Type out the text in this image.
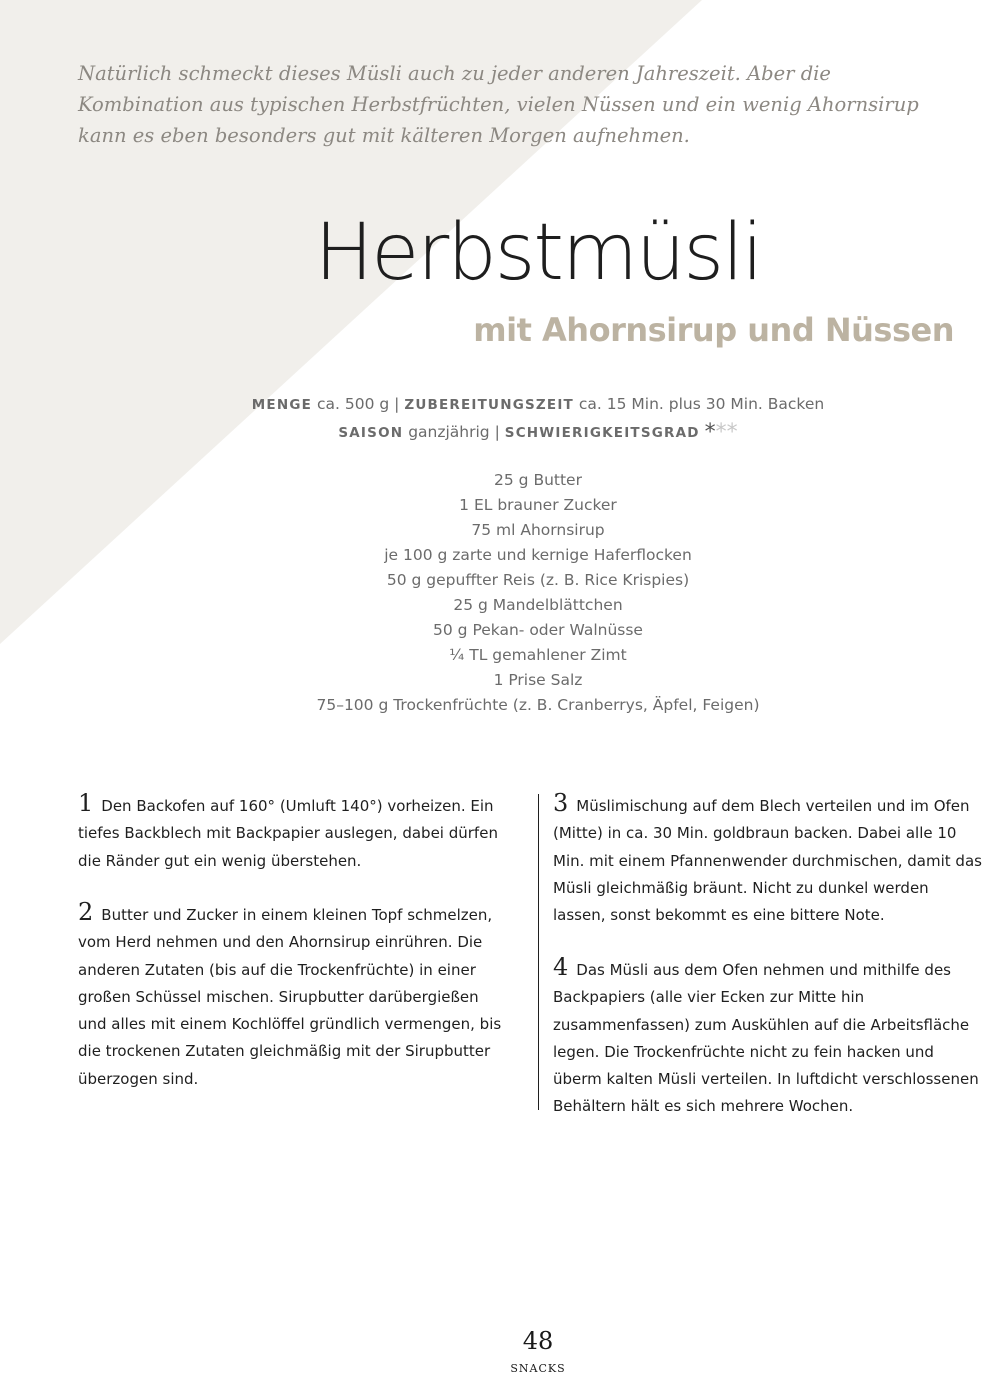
Natürlich schmeckt dieses Müsli auch zu jeder anderen Jahreszeit. Aber die Kombination aus typischen Herbstfrüchten, vielen Nüssen und ein wenig Ahornsirup kann es eben besonders gut mit kälteren Morgen aufnehmen.

Herbstmüsli
mit Ahornsirup und Nüssen
MENGE ca. 500 g | ZUBEREITUNGSZEIT ca. 15 Min. plus 30 Min. Backen
SAISON ganzjährig | SCHWIERIGKEITSGRAD ***
25 g Butter
1 EL brauner Zucker
75 ml Ahornsirup
je 100 g zarte und kernige Haferflocken
50 g gepuffter Reis (z. B. Rice Krispies)
25 g Mandelblättchen
50 g Pekan- oder Walnüsse
¼ TL gemahlener Zimt
1 Prise Salz
75–100 g Trockenfrüchte (z. B. Cranberrys, Äpfel, Feigen)

1 Den Backofen auf 160° (Umluft 140°) vorheizen. Ein tiefes Backblech mit Backpapier auslegen, dabei dürfen die Ränder gut ein wenig überstehen.

2 Butter und Zucker in einem kleinen Topf schmelzen, vom Herd nehmen und den Ahornsirup einrühren. Die anderen Zutaten (bis auf die Trockenfrüchte) in einer großen Schüssel mischen. Sirupbutter darübergießen und alles mit einem Kochlöffel gründlich vermengen, bis die trockenen Zutaten gleichmäßig mit der Sirupbutter überzogen sind.

3 Müslimischung auf dem Blech verteilen und im Ofen (Mitte) in ca. 30 Min. goldbraun backen. Dabei alle 10 Min. mit einem Pfannenwender durchmischen, damit das Müsli gleichmäßig bräunt. Nicht zu dunkel werden lassen, sonst bekommt es eine bittere Note.

4 Das Müsli aus dem Ofen nehmen und mithilfe des Backpapiers (alle vier Ecken zur Mitte hin zusammenfassen) zum Auskühlen auf die Arbeitsfläche legen. Die Trockenfrüchte nicht zu fein hacken und überm kalten Müsli verteilen. In luftdicht verschlossenen Behältern hält es sich mehrere Wochen.

48
SNACKS
